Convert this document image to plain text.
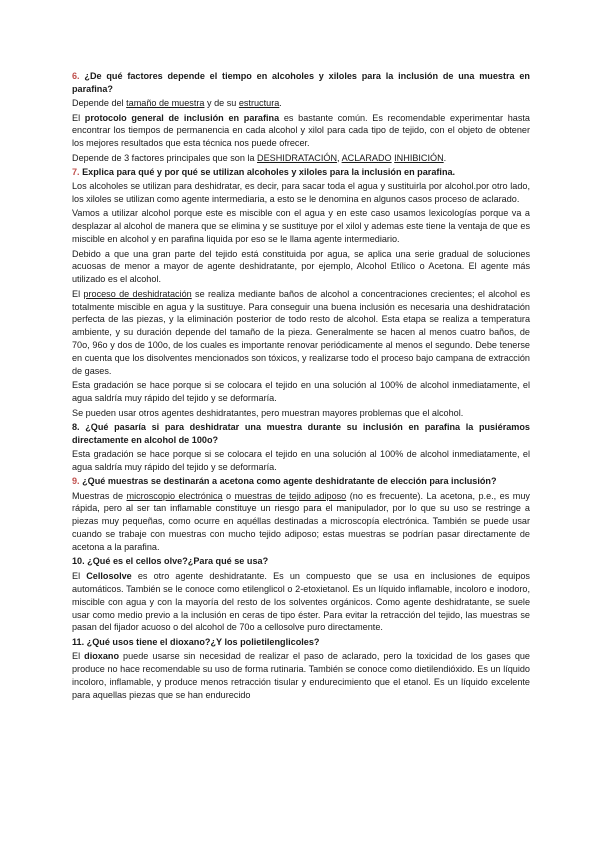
6. ¿De qué factores depende el tiempo en alcoholes y xiloles para la inclusión de una muestra en parafina?

Depende del tamaño de muestra y de su estructura.

El protocolo general de inclusión en parafina es bastante común. Es recomendable experimentar hasta encontrar los tiempos de permanencia en cada alcohol y xilol para cada tipo de tejido, con el objeto de obtener los mejores resultados que esta técnica nos puede ofrecer.

Depende de 3 factores principales que son la DESHIDRATACIÓN, ACLARADO INHIBICIÓN.

7. Explica para qué y por qué se utilizan alcoholes y xiloles para la inclusión en parafina.

Los alcoholes se utilizan para deshidratar, es decir, para sacar toda el agua y sustituirla por alcohol.por otro lado, los xiloles se utilizan como agente intermediaria, a esto se le denomina en algunos casos proceso de aclarado.

Vamos a utilizar alcohol porque este es miscible con el agua y en este caso usamos lexicologías porque va a desplazar al alcohol de manera que se elimina y se sustituye por el xilol y ademas este tiene la ventaja de que es miscible en alcohol y en parafina liquida por eso se le llama agente intermediario.

Debido a que una gran parte del tejido está constituida por agua, se aplica una serie gradual de soluciones acuosas de menor a mayor de agente deshidratante, por ejemplo, Alcohol Etílico o Acetona. El agente más utilizado es el alcohol.

El proceso de deshidratación se realiza mediante baños de alcohol a concentraciones crecientes; el alcohol es totalmente miscible en agua y la sustituye. Para conseguir una buena inclusión es necesaria una deshidratación perfecta de las piezas, y la eliminación posterior de todo resto de alcohol. Esta etapa se realiza a temperatura ambiente, y su duración depende del tamaño de la pieza. Generalmente se hacen al menos cuatro baños, de 70o, 96o y dos de 100o, de los cuales es importante renovar periódicamente al menos el segundo. Debe tenerse en cuenta que los disolventes mencionados son tóxicos, y realizarse todo el proceso bajo campana de extracción de gases.

Esta gradación se hace porque si se colocara el tejido en una solución al 100% de alcohol inmediatamente, el agua saldría muy rápido del tejido y se deformaría.

Se pueden usar otros agentes deshidratantes, pero muestran mayores problemas que el alcohol.

8. ¿Qué pasaría si para deshidratar una muestra durante su inclusión en parafina la pusiéramos directamente en alcohol de 100o?

Esta gradación se hace porque si se colocara el tejido en una solución al 100% de alcohol inmediatamente, el agua saldría muy rápido del tejido y se deformaría.

9. ¿Qué muestras se destinarán a acetona como agente deshidratante de elección para inclusión?

Muestras de microscopio electrónica o muestras de tejido adiposo (no es frecuente). La acetona, p.e., es muy rápida, pero al ser tan inflamable constituye un riesgo para el manipulador, por lo que su uso se restringe a piezas muy pequeñas, como ocurre en aquéllas destinadas a microscopía electrónica. También se puede usar cuando se trabaje con muestras con mucho tejido adiposo; estas muestras se podrían pasar directamente de acetona a la parafina.

10. ¿Qué es el cellos olve?¿Para qué se usa?

El Cellosolve es otro agente deshidratante. Es un compuesto que se usa en inclusiones de equipos automáticos. También se le conoce como etilenglicol o 2-etoxietanol. Es un líquido inflamable, incoloro e inodoro, miscible con agua y con la mayoría del resto de los solventes orgánicos. Como agente deshidratante, se suele usar como medio previo a la inclusión en ceras de tipo éster. Para evitar la retracción del tejido, las muestras se pasan del fijador acuoso o del alcohol de 70o a cellosolve puro directamente.

11. ¿Qué usos tiene el dioxano?¿Y los polietilenglicoles?

El dioxano puede usarse sin necesidad de realizar el paso de aclarado, pero la toxicidad de los gases que produce no hace recomendable su uso de forma rutinaria. También se conoce como dietilendióxido. Es un líquido incoloro, inflamable, y produce menos retracción tisular y endurecimiento que el etanol. Es un líquido excelente para aquellas piezas que se han endurecido
